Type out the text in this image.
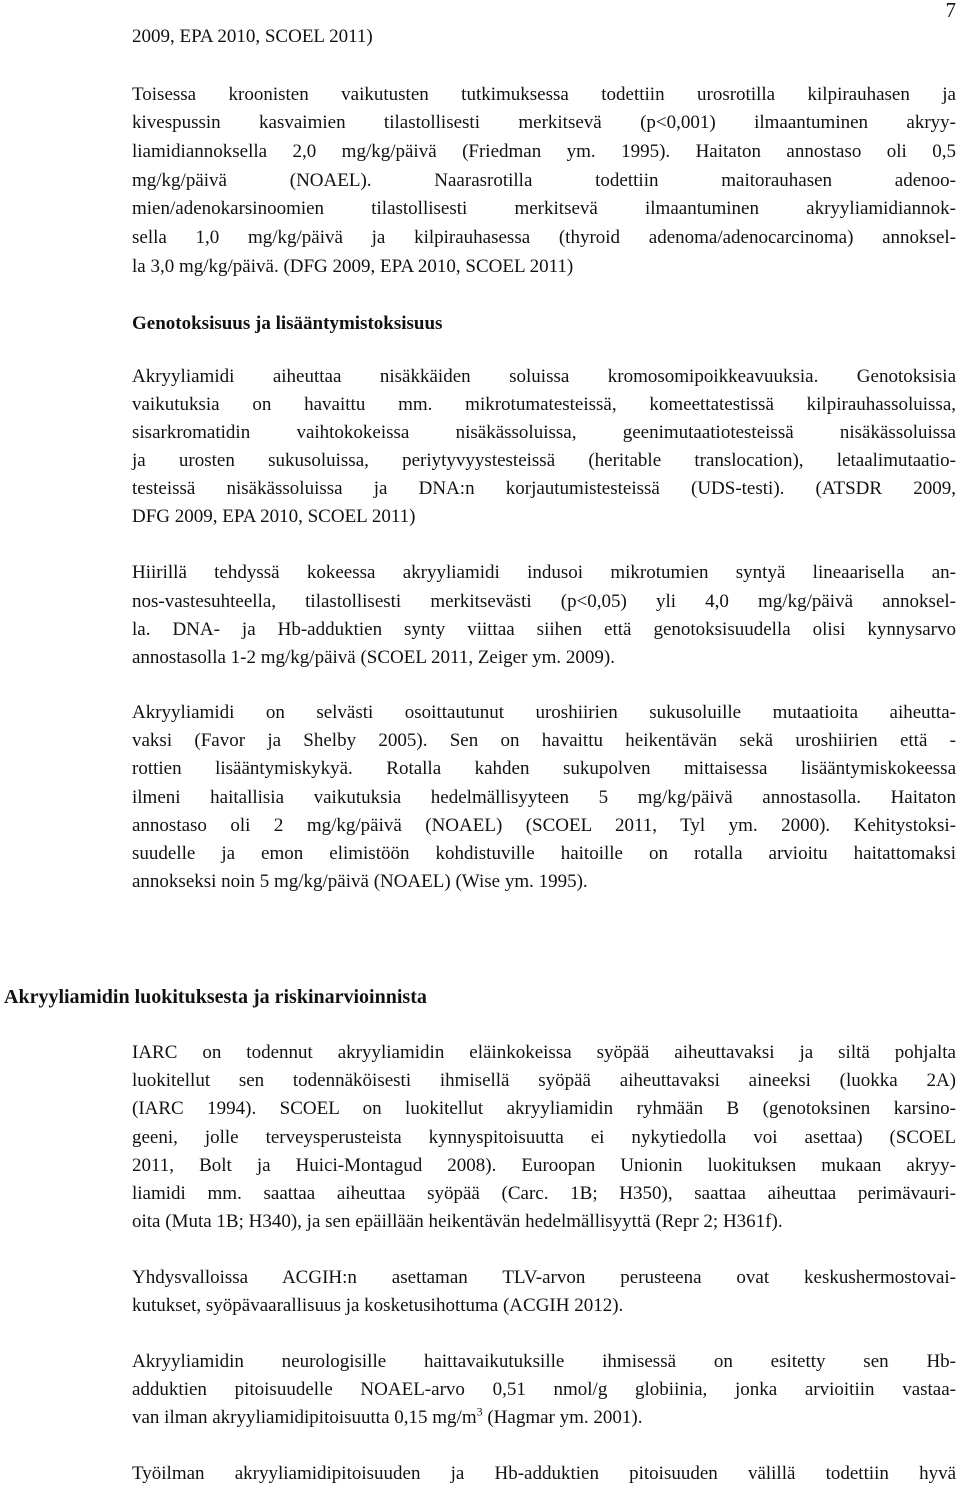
7
2009, EPA 2010, SCOEL 2011)
Toisessa kroonisten vaikutusten tutkimuksessa todettiin urosrotilla kilpirauhasen ja
kivespussin kasvaimien tilastollisesti merkitsevä (p<0,001) ilmaantuminen akryy-
liamidiannoksella 2,0 mg/kg/päivä (Friedman ym. 1995). Haitaton annostaso oli 0,5
mg/kg/päivä (NOAEL). Naarasrotilla todettiin maitorauhasen adenoo-
mien/adenokarsinoomien tilastollisesti merkitsevä ilmaantuminen akryyliamidiannok-
sella 1,0 mg/kg/päivä ja kilpirauhasessa (thyroid adenoma/adenocarcinoma) annoksel-
la 3,0 mg/kg/päivä. (DFG 2009, EPA 2010, SCOEL 2011)
Genotoksisuus ja lisääntymistoksisuus
Akryyliamidi aiheuttaa nisäkkäiden soluissa kromosomipoikkeavuuksia. Genotoksisia
vaikutuksia on havaittu mm. mikrotumatesteissä, komeettatestissä kilpirauhassoluissa,
sisarkromatidin vaihtokokeissa nisäkässoluissa, geenimutaatiotesteissä nisäkässoluissa
ja urosten sukusoluissa, periytyvyystesteissä (heritable translocation), letaalimutaatio-
testeissä nisäkässoluissa ja DNA:n korjautumistesteissä (UDS-testi). (ATSDR 2009,
DFG 2009, EPA 2010, SCOEL 2011)
Hiirillä tehdyssä kokeessa akryyliamidi indusoi mikrotumien syntyä lineaarisella an-
nos-vastesuhteella, tilastollisesti merkitsevästi (p<0,05) yli 4,0 mg/kg/päivä annoksel-
la. DNA- ja Hb-adduktien synty viittaa siihen että genotoksisuudella olisi kynnysarvo
annostasolla 1-2 mg/kg/päivä (SCOEL 2011, Zeiger ym. 2009).
Akryyliamidi on selvästi osoittautunut uroshiirien sukusoluille mutaatioita aiheutta-
vaksi (Favor ja Shelby 2005). Sen on havaittu heikentävän sekä uroshiirien että -
rottien lisääntymiskykyä. Rotalla kahden sukupolven mittaisessa lisääntymiskokeessa
ilmeni haitallisia vaikutuksia hedelmällisyyteen 5 mg/kg/päivä annostasolla. Haitaton
annostaso oli 2 mg/kg/päivä (NOAEL) (SCOEL 2011, Tyl ym. 2000). Kehitystoksi-
suudelle ja emon elimistöön kohdistuville haitoille on rotalla arvioitu haitattomaksi
annokseksi noin 5 mg/kg/päivä (NOAEL) (Wise ym. 1995).
Akryyliamidin luokituksesta ja riskinarvioinnista
IARC on todennut akryyliamidin eläinkokeissa syöpää aiheuttavaksi ja siltä pohjalta
luokitellut sen todennäköisesti ihmisellä syöpää aiheuttavaksi aineeksi (luokka 2A)
(IARC 1994). SCOEL on luokitellut akryyliamidin ryhmään B (genotoksinen karsino-
geeni, jolle terveysperusteista kynnyspitoisuutta ei nykytiedolla voi asettaa) (SCOEL
2011, Bolt ja Huici-Montagud 2008). Euroopan Unionin luokituksen mukaan akryy-
liamidi mm. saattaa aiheuttaa syöpää (Carc. 1B; H350), saattaa aiheuttaa perimävauri-
oita (Muta 1B; H340), ja sen epäillään heikentävän hedelmällisyyttä (Repr 2; H361f).
Yhdysvalloissa ACGIH:n asettaman TLV-arvon perusteena ovat keskushermostovai-
kutukset, syöpävaarallisuus ja kosketusihottuma (ACGIH 2012).
Akryyliamidin neurologisille haittavaikutuksille ihmisessä on esitetty sen Hb-
adduktien pitoisuudelle NOAEL-arvo 0,51 nmol/g globiinia, jonka arvioitiin vastaa-
van ilman akryyliamidipitoisuutta 0,15 $mg/m^3$ (Hagmar ym. 2001).
Työilman akryyliamidipitoisuuden ja Hb-adduktien pitoisuuden välillä todettiin hyvä
